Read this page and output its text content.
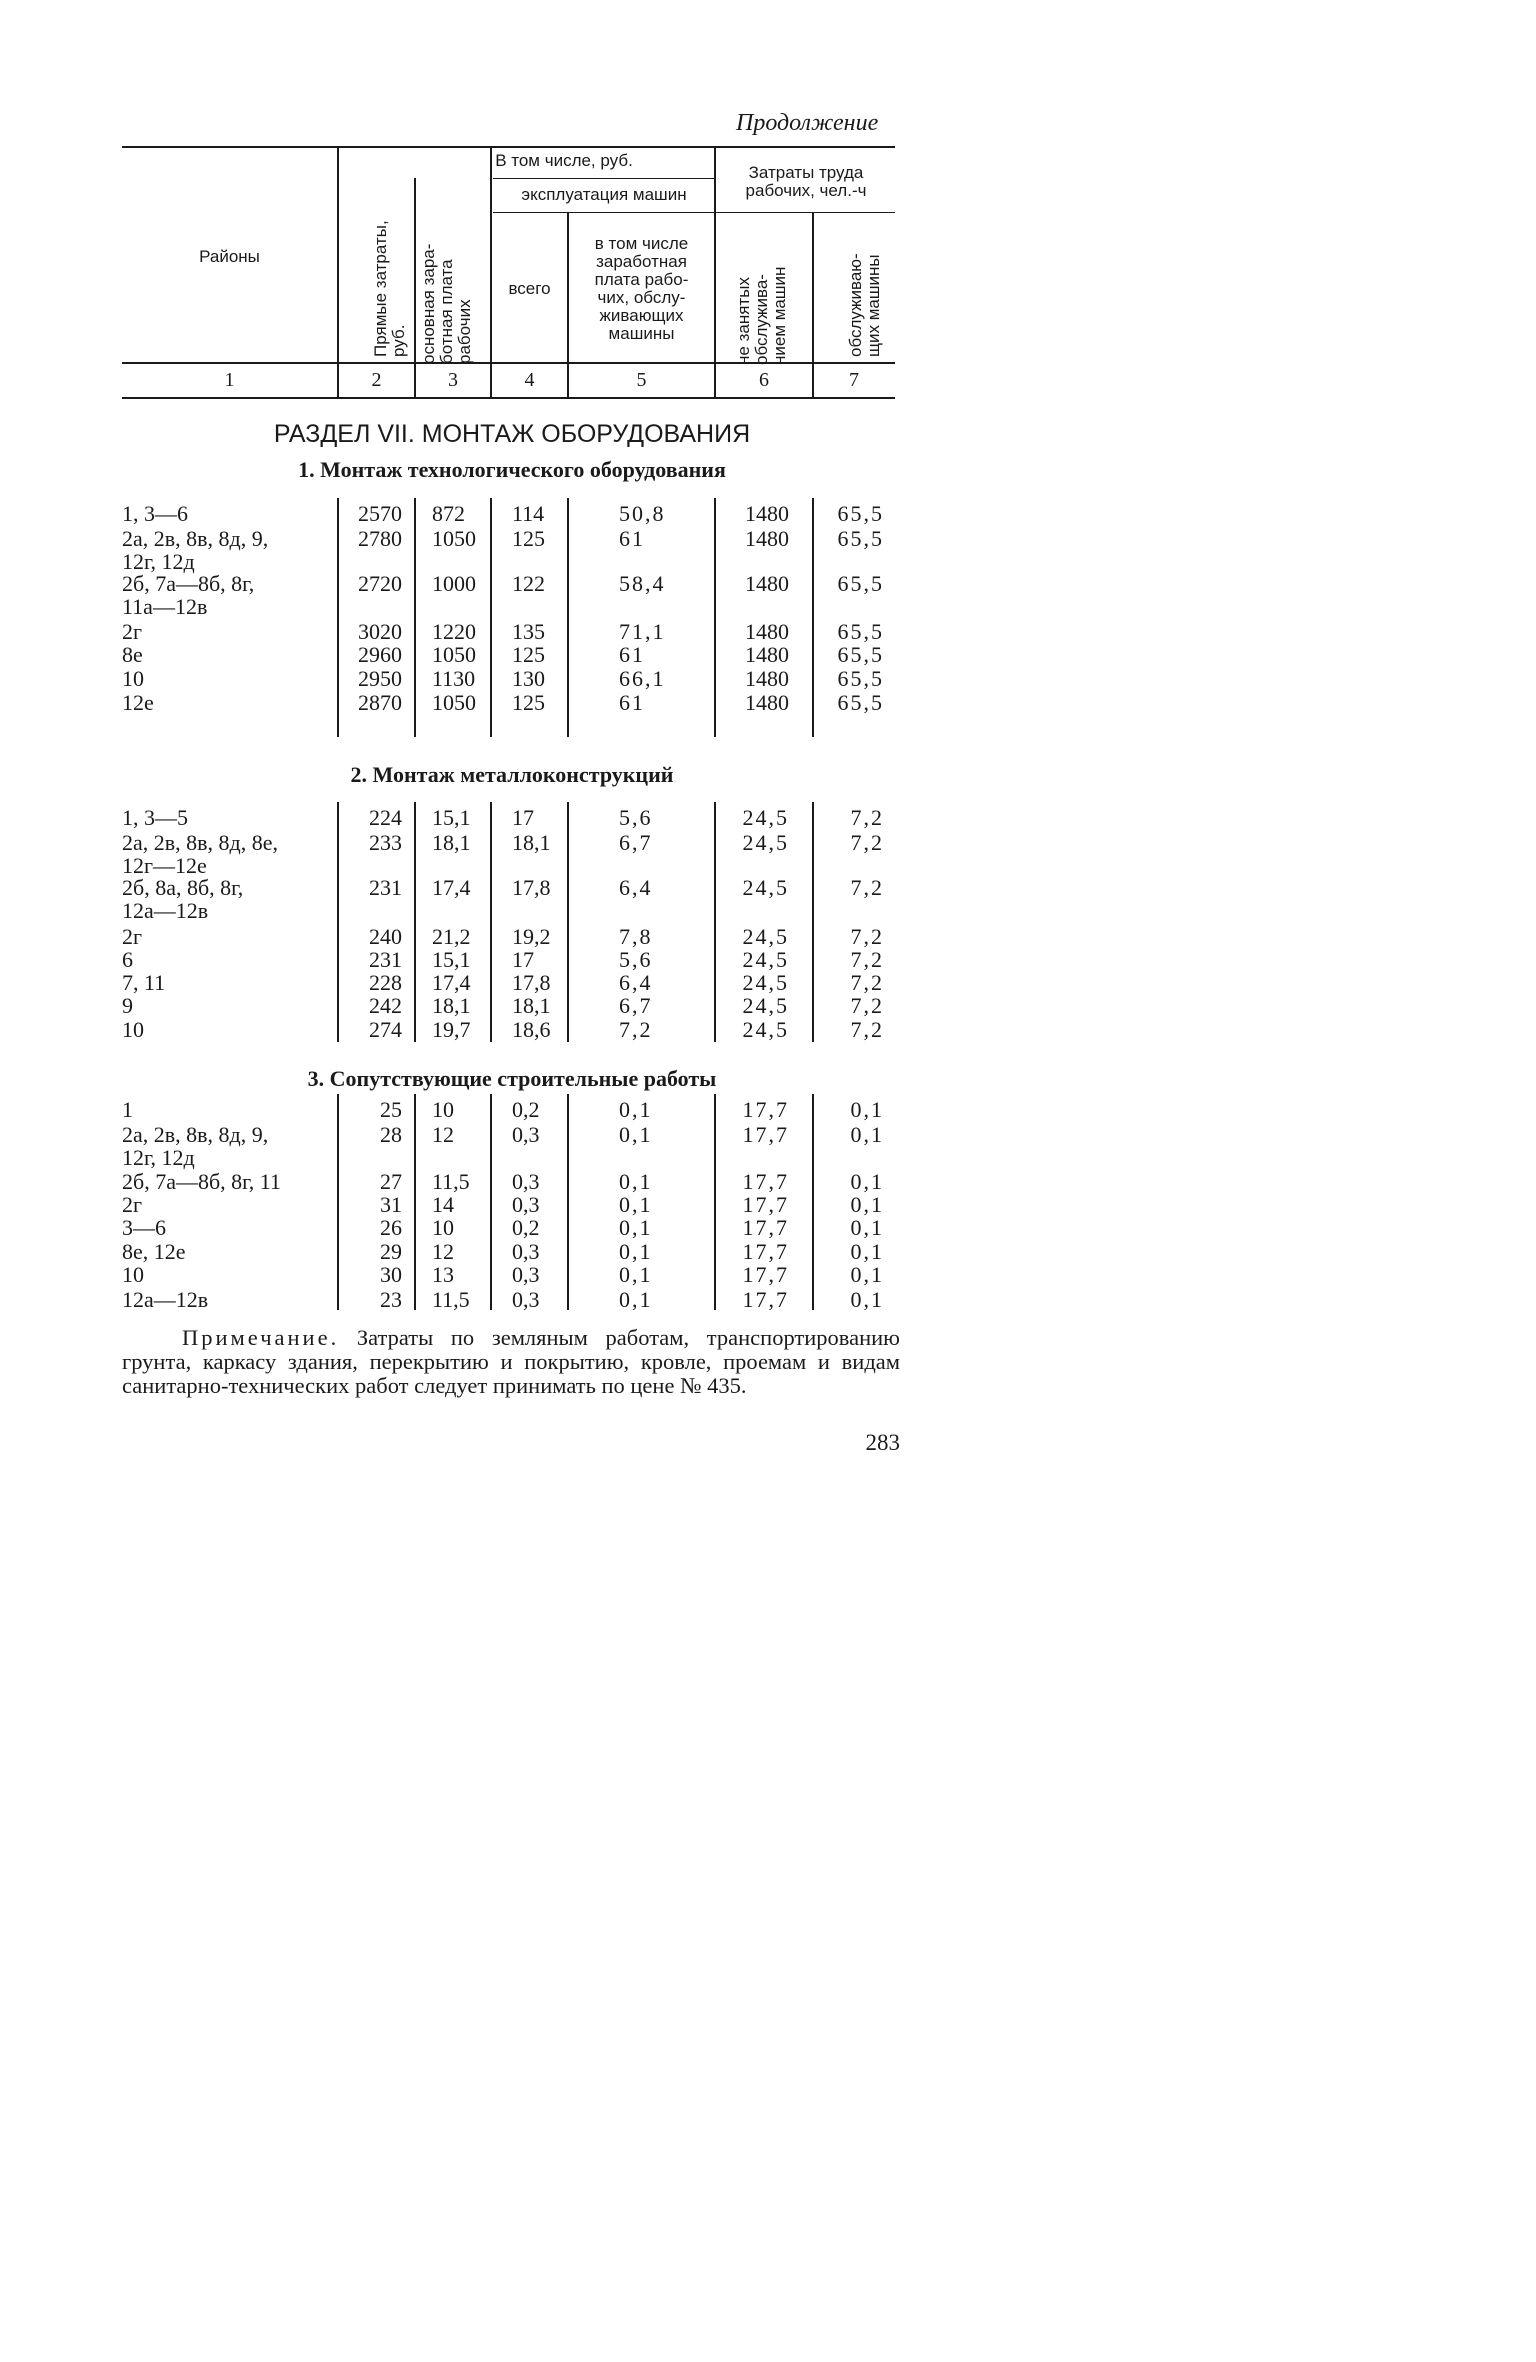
Продолжение
Районы
Прямые затраты,
руб.
В том числе, руб.
основная зара-
ботная плата
рабочих
эксплуатация машин
всего
в том числе
заработная
плата рабо-
чих, обслу-
живающих
машины
Затраты труда
рабочих, чел.-ч
не занятых
обслужива-
нием машин	обслуживаю-
щих машины
1	2	3	4	5	6	7
РАЗДЕЛ VII. МОНТАЖ ОБОРУДОВАНИЯ
1. Монтаж технологического оборудования
2. Монтаж металлоконструкций
3. Сопутствующие строительные работы
1, 3—6	2570 872	114	50,8	1480	65,5
2а, 2в, 8в, 8д, 9,
12г, 12д
2780 1050	125	61	1480	65,5
2б, 7а—8б, 8г,
11а—12в
2720 1000	122	58,4	1480	65,5
2г	3020 1220	135	71,1	1480	65,5
8е	2960 1050	125	61	1480	65,5
10	2950 1130	130	66,1	1480	65,5
12е	2870 1050	125	61	1480	65,5
1, 3—5	224 15,1	17	5,6	24,5	7,2
2а, 2в, 8в, 8д, 8е,
12г—12е
233 18,1	18,1	6,7	24,5	7,2
2б, 8а, 8б, 8г,
12а—12в
231 17,4	17,8	6,4	24,5	7,2
2г	240 21,2	19,2	7,8	24,5	7,2
6	231 15,1	17	5,6	24,5	7,2
7, 11	228 17,4	17,8	6,4	24,5	7,2
9	242 18,1	18,1	6,7	24,5	7,2
10	274 19,7	18,6	7,2	24,5	7,2
1	25 10	0,2	0,1	17,7	0,1
2а, 2в, 8в, 8д, 9,
12г, 12д
28 12	0,3	0,1	17,7	0,1
2б, 7а—8б, 8г, 11	27 11,5	0,3	0,1	17,7	0,1
2г	31 14	0,3	0,1	17,7	0,1
3—6	26 10	0,2	0,1	17,7	0,1
8е, 12е	29 12	0,3	0,1	17,7	0,1
10	30 13	0,3	0,1	17,7	0,1
12а—12в	23 11,5	0,3	0,1	17,7	0,1
Примечание. Затраты по земляным работам, транспортированию грунта, каркасу здания, перекрытию и покрытию, кровле, проемам и видам санитарно-технических работ следует принимать по цене № 435.
283
